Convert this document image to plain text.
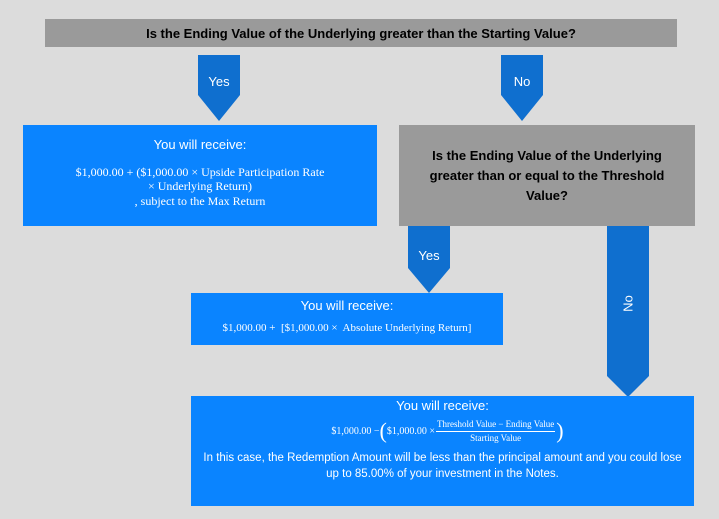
Is the Ending Value of the Underlying greater than the Starting Value?
Yes	No
You will receive:
$1,000.00 + ($1,000.00 × Upside Participation Rate
× Underlying Return)
, subject to the Max Return
Is the Ending Value of the Underlying greater than or equal to the Threshold Value?
Yes
No
You will receive:
$1,000.00 +  [$1,000.00 ×  Absolute Underlying Return]
You will receive:
$1,000.00 − ( $1,000.00 × $\frac{\text{Threshold Value − Ending Value}}{\text{Starting Value}}$ )
In this case, the Redemption Amount will be less than the principal amount and you could lose up to 85.00% of your investment in the Notes.
